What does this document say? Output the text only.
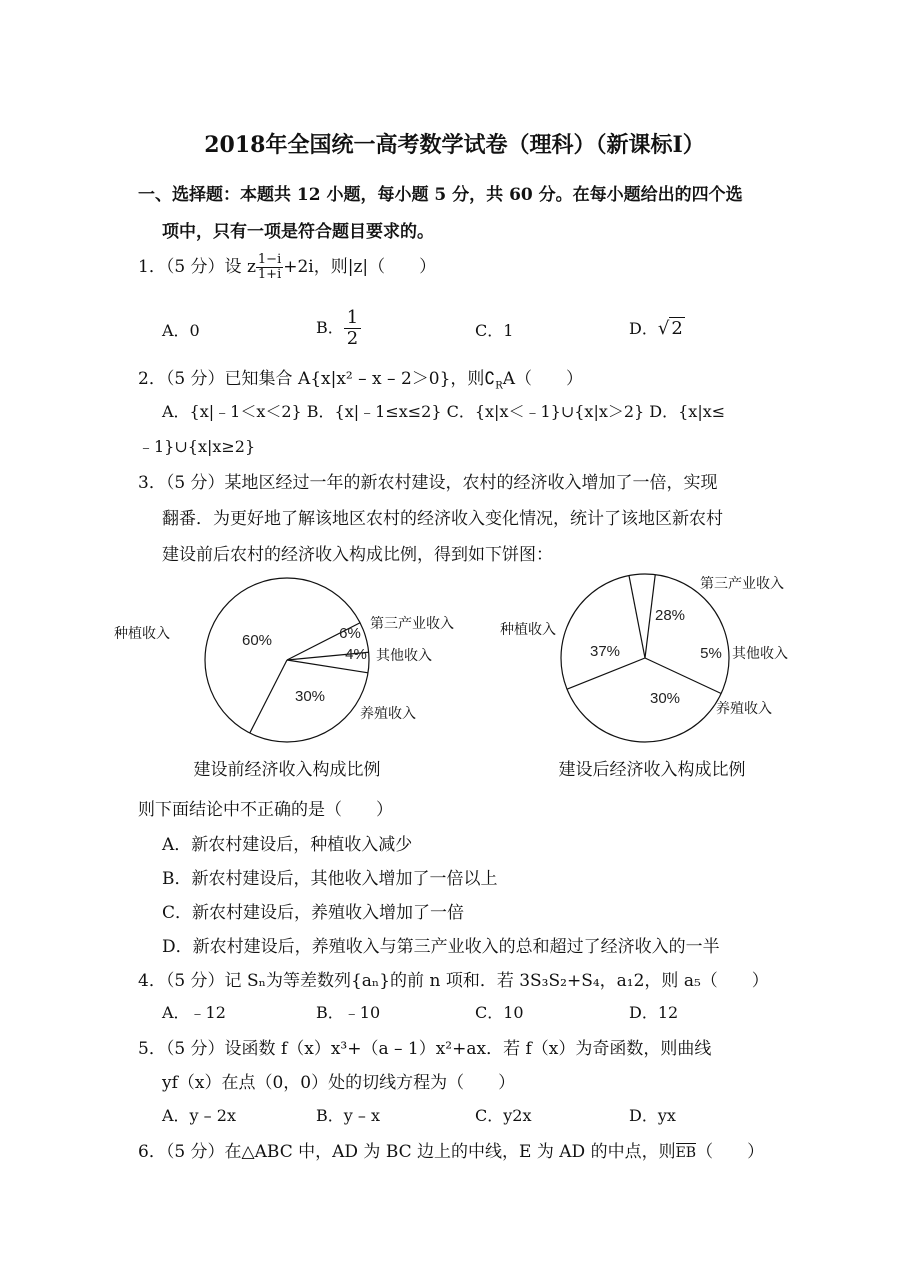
2018年全国统一高考数学试卷（理科）（新课标Ⅰ）
一、选择题：本题共 12 小题，每小题 5 分，共 60 分。在每小题给出的四个选
项中，只有一项是符合题目要求的。
1．（5 分）设 z $\frac{1-i}{1+i} +2i$，则|z|（　　）
A．0	B． $\frac{1}{2}$	C．1	D．√ 2
2．（5 分）已知集合 A{x|x² – x – 2＞0}，则$∁_RA$（　　）
A．{x|﹣1＜x＜2} B．{x|﹣1≤x≤2} C．{x|x＜﹣1}∪{x|x＞2} D．{x|x≤
﹣1}∪{x|x≥2}
3．（5 分）某地区经过一年的新农村建设，农村的经济收入增加了一倍，实现
翻番．为更好地了解该地区农村的经济收入变化情况，统计了该地区新农村
建设前后农村的经济收入构成比例，得到如下饼图：
60%
种植收入	6%
第三产业收入
4% 其他收入
30%
养殖收入
建设前经济收入构成比例
37%
种植收入
28%
第三产业收入
5% 其他收入
30%
养殖收入
建设后经济收入构成比例
则下面结论中不正确的是（　　）
A．新农村建设后，种植收入减少
B．新农村建设后，其他收入增加了一倍以上
C．新农村建设后，养殖收入增加了一倍
D．新农村建设后，养殖收入与第三产业收入的总和超过了经济收入的一半
4．（5 分）记 Sₙ为等差数列{aₙ}的前 n 项和．若 3S₃S₂+S₄，a₁2，则 a₅（　　）
A．﹣12	B．﹣10	C．10	D．12
5．（5 分）设函数 f（x）x³+（a – 1）x²+ax．若 f（x）为奇函数，则曲线
yf（x）在点（0，0）处的切线方程为（　　）
A．y – 2x	B．y – x	C．y2x	D．yx
6．（5 分）在△ABC 中，AD 为 BC 边上的中线，E 为 AD 的中点，则EB（　　）
